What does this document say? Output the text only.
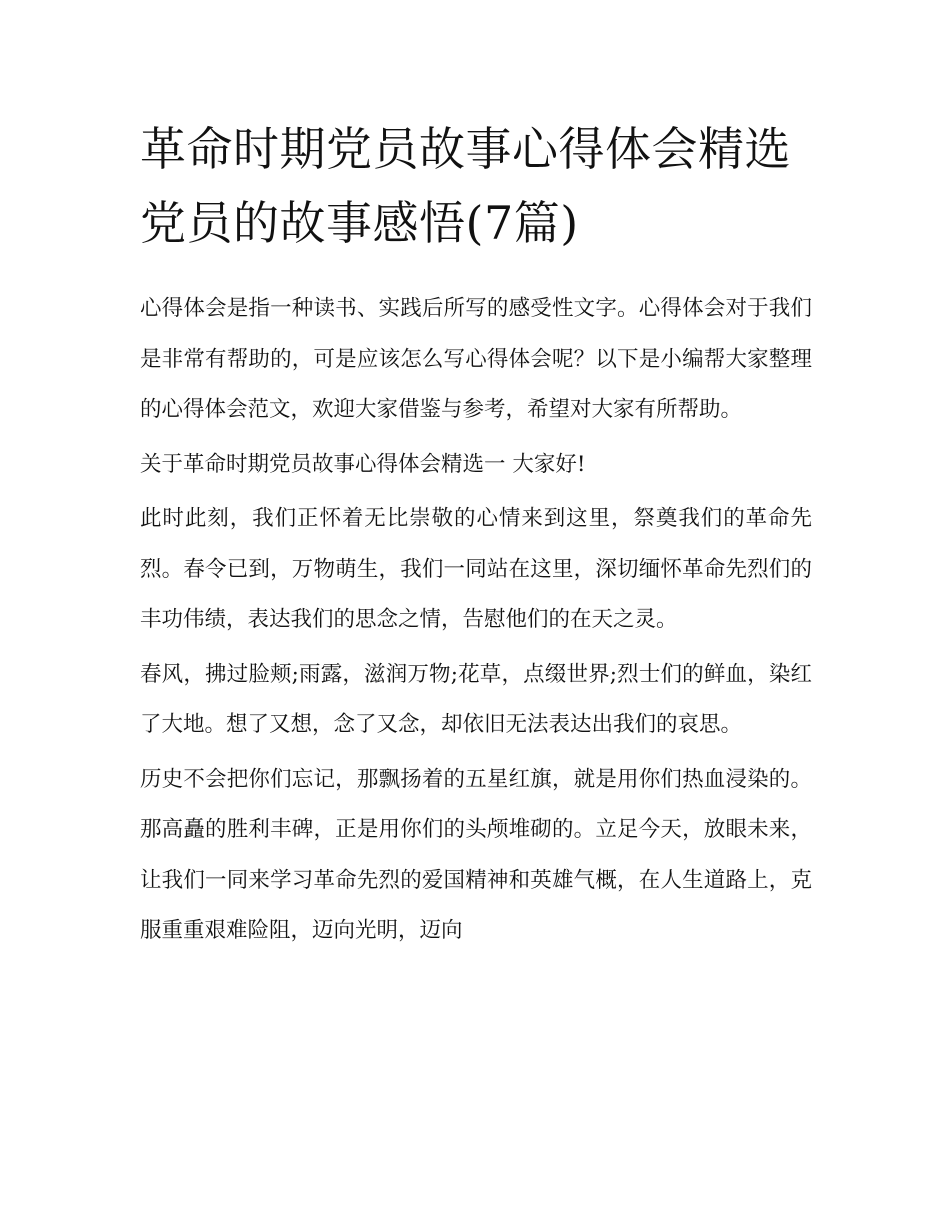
革命时期党员故事心得体会精选 党员的故事感悟(7篇)

心得体会是指一种读书、实践后所写的感受性文字。心得体会对于我们是非常有帮助的，可是应该怎么写心得体会呢？以下是小编帮大家整理的心得体会范文，欢迎大家借鉴与参考，希望对大家有所帮助。

关于革命时期党员故事心得体会精选一 大家好!

此时此刻，我们正怀着无比崇敬的心情来到这里，祭奠我们的革命先烈。春令已到，万物萌生，我们一同站在这里，深切缅怀革命先烈们的丰功伟绩，表达我们的思念之情，告慰他们的在天之灵。

春风，拂过脸颊;雨露，滋润万物;花草，点缀世界;烈士们的鲜血，染红了大地。想了又想，念了又念，却依旧无法表达出我们的哀思。

历史不会把你们忘记，那飘扬着的五星红旗，就是用你们热血浸染的。那高矗的胜利丰碑，正是用你们的头颅堆砌的。立足今天，放眼未来，让我们一同来学习革命先烈的爱国精神和英雄气概，在人生道路上，克服重重艰难险阻，迈向光明，迈向
